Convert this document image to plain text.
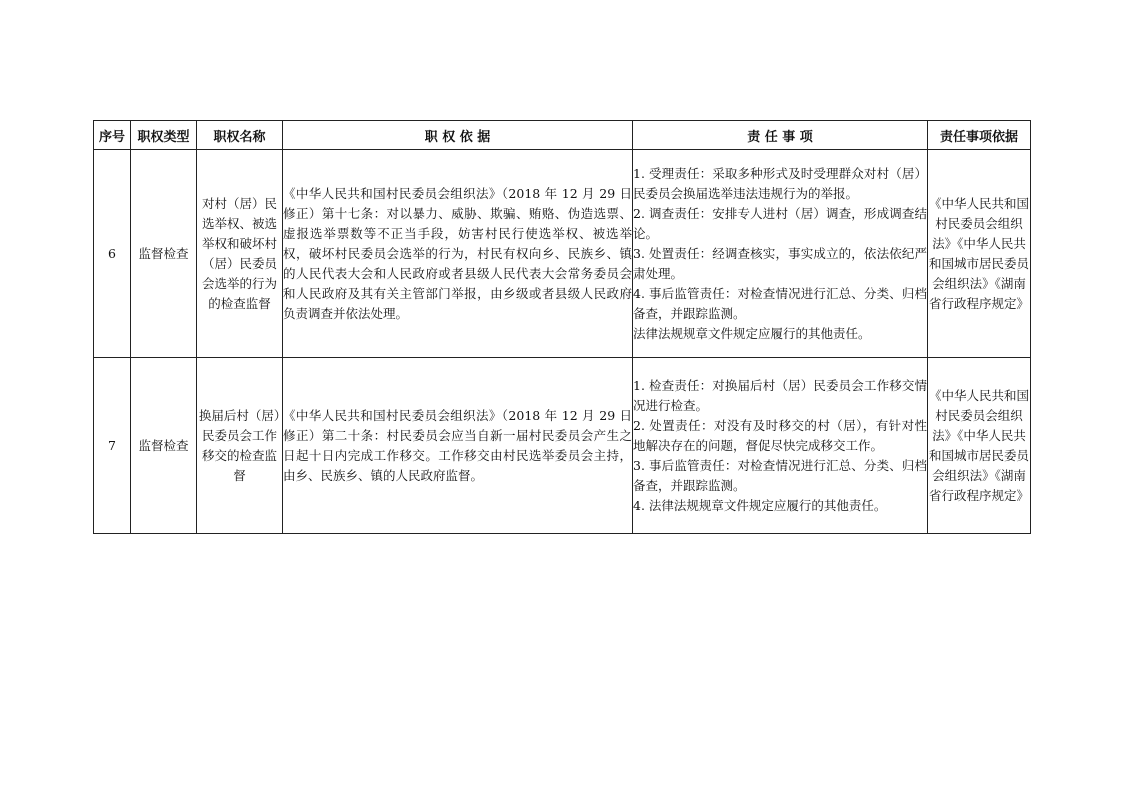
序号	职权类型	职权名称	职 权 依 据	责 任 事 项	责任事项依据
6	监督检查	对村（居）民选举权、被选举权和破坏村（居）民委员会选举的行为的检查监督	《中华人民共和国村民委员会组织法》（2018 年 12 月 29 日修正）第十七条：对以暴力、威胁、欺骗、贿赂、伪造选票、虚报选举票数等不正当手段，妨害村民行使选举权、被选举权，破坏村民委员会选举的行为，村民有权向乡、民族乡、镇的人民代表大会和人民政府或者县级人民代表大会常务委员会和人民政府及其有关主管部门举报，由乡级或者县级人民政府负责调查并依法处理。	1. 受理责任：采取多种形式及时受理群众对村（居）民委员会换届选举违法违规行为的举报。
2. 调查责任：安排专人进村（居）调查，形成调查结论。
3. 处置责任：经调查核实，事实成立的，依法依纪严肃处理。
4. 事后监管责任：对检查情况进行汇总、分类、归档备查，并跟踪监测。
法律法规规章文件规定应履行的其他责任。	《中华人民共和国村民委员会组织法》《中华人民共和国城市居民委员会组织法》《湖南省行政程序规定》
7	监督检查	换届后村（居）民委员会工作移交的检查监督	《中华人民共和国村民委员会组织法》（2018 年 12 月 29 日修正）第二十条：村民委员会应当自新一届村民委员会产生之日起十日内完成工作移交。工作移交由村民选举委员会主持，由乡、民族乡、镇的人民政府监督。	1. 检查责任：对换届后村（居）民委员会工作移交情况进行检查。
2. 处置责任：对没有及时移交的村（居），有针对性地解决存在的问题，督促尽快完成移交工作。
3. 事后监管责任：对检查情况进行汇总、分类、归档备查，并跟踪监测。
4. 法律法规规章文件规定应履行的其他责任。	《中华人民共和国村民委员会组织法》《中华人民共和国城市居民委员会组织法》《湖南省行政程序规定》
